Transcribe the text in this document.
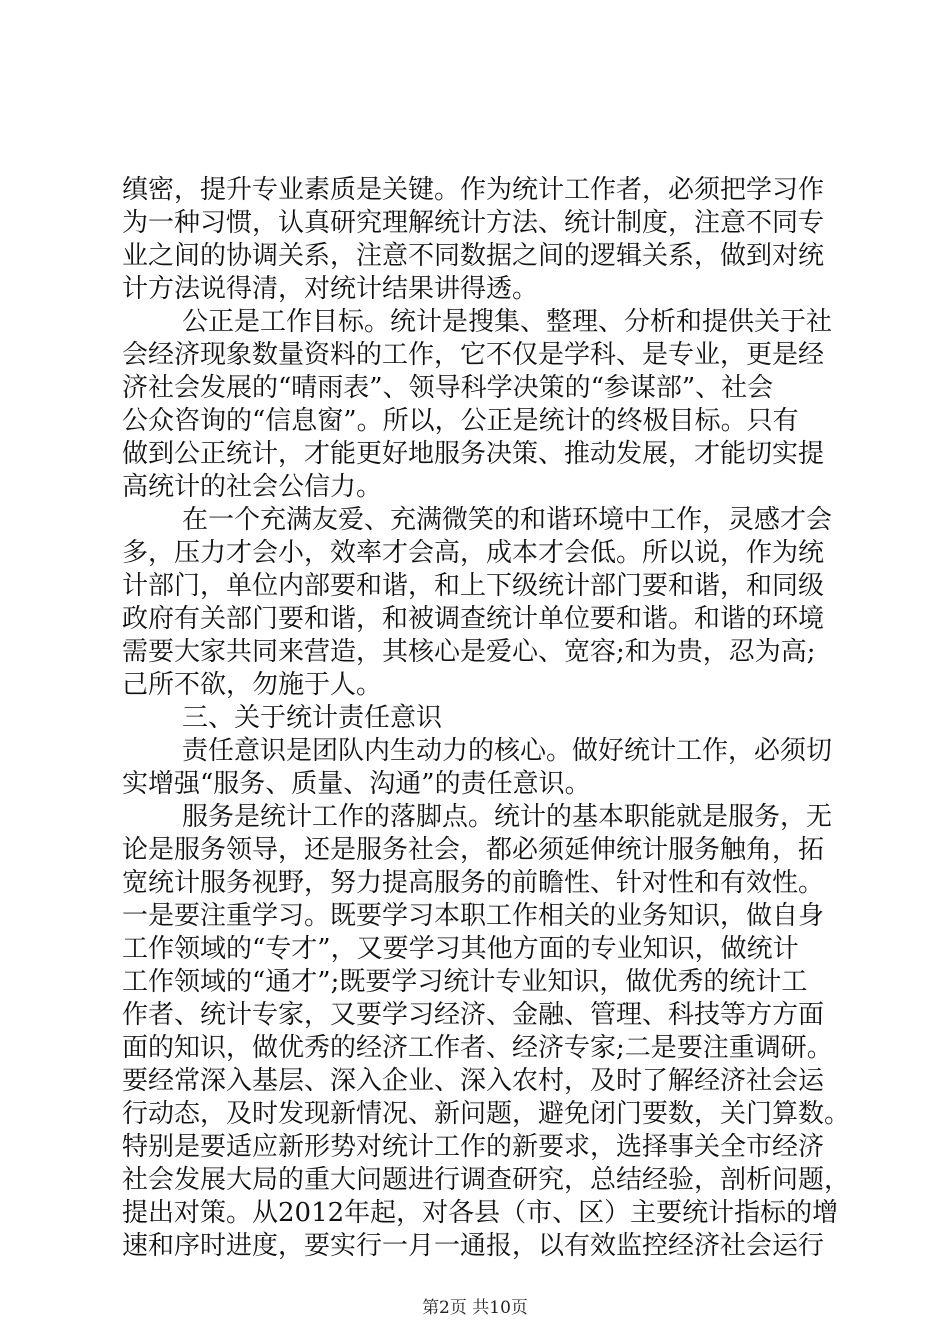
缜密，提升专业素质是关键。作为统计工作者，必须把学习作
为一种习惯，认真研究理解统计方法、统计制度，注意不同专
业之间的协调关系，注意不同数据之间的逻辑关系，做到对统
计方法说得清，对统计结果讲得透。
公正是工作目标。统计是搜集、整理、分析和提供关于社
会经济现象数量资料的工作，它不仅是学科、是专业，更是经
济社会发展的“晴雨表”、领导科学决策的“参谋部”、社会
公众咨询的“信息窗”。所以，公正是统计的终极目标。只有
做到公正统计，才能更好地服务决策、推动发展，才能切实提
高统计的社会公信力。
在一个充满友爱、充满微笑的和谐环境中工作，灵感才会
多，压力才会小，效率才会高，成本才会低。所以说，作为统
计部门，单位内部要和谐，和上下级统计部门要和谐，和同级
政府有关部门要和谐，和被调查统计单位要和谐。和谐的环境
需要大家共同来营造，其核心是爱心、宽容;和为贵，忍为高;
己所不欲，勿施于人。
三、关于统计责任意识
责任意识是团队内生动力的核心。做好统计工作，必须切
实增强“服务、质量、沟通”的责任意识。
服务是统计工作的落脚点。统计的基本职能就是服务，无
论是服务领导，还是服务社会，都必须延伸统计服务触角，拓
宽统计服务视野，努力提高服务的前瞻性、针对性和有效性。
一是要注重学习。既要学习本职工作相关的业务知识，做自身
工作领域的“专才”，又要学习其他方面的专业知识，做统计
工作领域的“通才”;既要学习统计专业知识，做优秀的统计工
作者、统计专家，又要学习经济、金融、管理、科技等方方面
面的知识，做优秀的经济工作者、经济专家;二是要注重调研。
要经常深入基层、深入企业、深入农村，及时了解经济社会运
行动态，及时发现新情况、新问题，避免闭门要数，关门算数。
特别是要适应新形势对统计工作的新要求，选择事关全市经济
社会发展大局的重大问题进行调查研究，总结经验，剖析问题，
提出对策。从2012年起，对各县（市、区）主要统计指标的增
速和序时进度，要实行一月一通报，以有效监控经济社会运行
第2页 共10页
